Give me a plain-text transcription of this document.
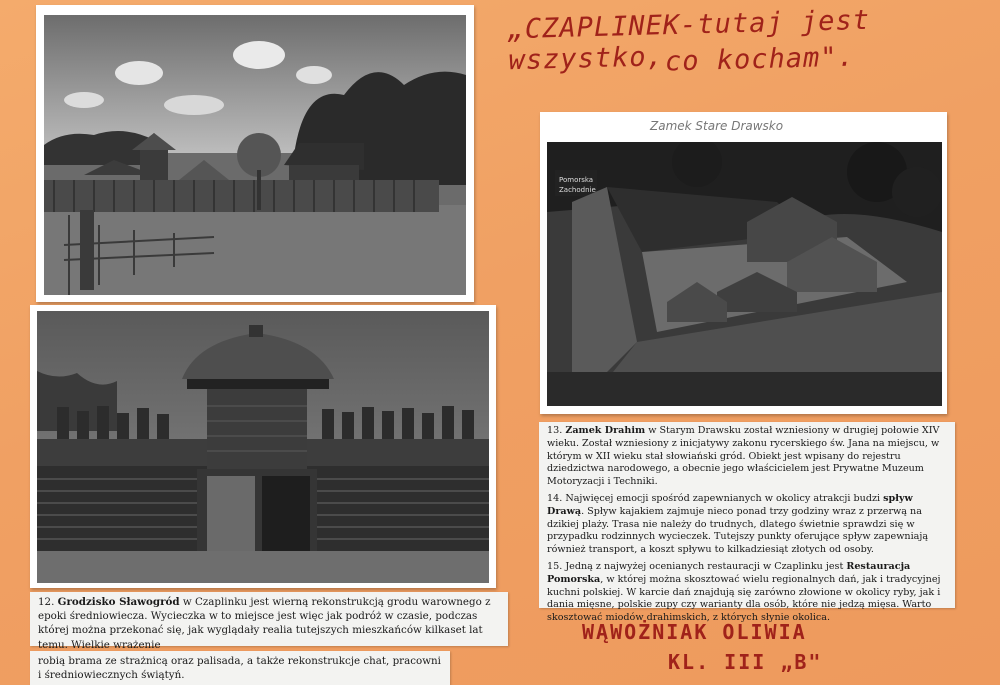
„CZAPLINEK-tutaj jest wszystko, co kocham".
Zamek Stare Drawsko
Pomorska
Zachodnie
12. Grodzisko Sławogród w Czaplinku jest wierną rekonstrukcją grodu warownego z epoki średniowiecza. Wycieczka w to miejsce jest więc jak podróż w czasie, podczas której można przekonać się, jak wyglądały realia tutejszych mieszkańców kilkaset lat temu. Wielkie wrażenie
robią brama ze strażnicą oraz palisada, a także rekonstrukcje chat, pracowni i średniowiecznych świątyń.

13. Zamek Drahim w Starym Drawsku został wzniesiony w drugiej połowie XIV wieku. Został wzniesiony z inicjatywy zakonu rycerskiego św. Jana na miejscu, w którym w XII wieku stał słowiański gród. Obiekt jest wpisany do rejestru dziedzictwa narodowego, a obecnie jego właścicielem jest Prywatne Muzeum Motoryzacji i Techniki.

14. Najwięcej emocji spośród zapewnianych w okolicy atrakcji budzi spływ Drawą. Spływ kajakiem zajmuje nieco ponad trzy godziny wraz z przerwą na dzikiej plaży. Trasa nie należy do trudnych, dlatego świetnie sprawdzi się w przypadku rodzinnych wycieczek. Tutejszy punkty oferujące spływ zapewniają również transport, a koszt spływu to kilkadziesiąt złotych od osoby.

15. Jedną z najwyżej ocenianych restauracji w Czaplinku jest Restauracja Pomorska, w której można skosztować wielu regionalnych dań, jak i tradycyjnej kuchni polskiej. W karcie dań znajdują się zarówno złowione w okolicy ryby, jak i dania mięsne, polskie zupy czy warianty dla osób, które nie jedzą mięsa. Warto skosztować miodów drahimskich, z których słynie okolica.

WĄWOŻNIAK OLIWIA
KL. III „B"
